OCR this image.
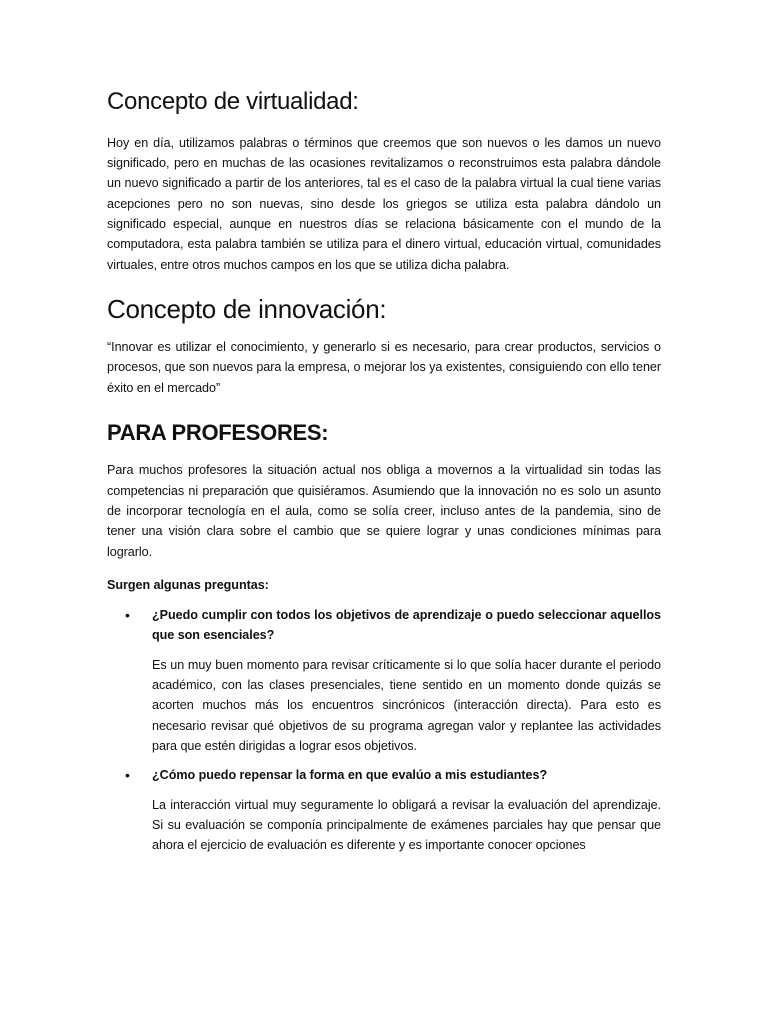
Concepto de virtualidad:

Hoy en día, utilizamos palabras o términos que creemos que son nuevos o les damos un nuevo significado, pero en muchas de las ocasiones revitalizamos o reconstruimos esta palabra dándole un nuevo significado a partir de los anteriores, tal es el caso de la palabra virtual la cual tiene varias acepciones pero no son nuevas, sino desde los griegos se utiliza esta palabra dándolo un significado especial, aunque en nuestros días se relaciona básicamente con el mundo de la computadora, esta palabra también se utiliza para el dinero virtual, educación virtual, comunidades virtuales, entre otros muchos campos en los que se utiliza dicha palabra.

Concepto de innovación:

“Innovar es utilizar el conocimiento, y generarlo si es necesario, para crear productos, servicios o procesos, que son nuevos para la empresa, o mejorar los ya existentes, consiguiendo con ello tener éxito en el mercado”

PARA PROFESORES:

Para muchos profesores la situación actual nos obliga a movernos a la virtualidad sin todas las competencias ni preparación que quisiéramos. Asumiendo que la innovación no es solo un asunto de incorporar tecnología en el aula, como se solía creer, incluso antes de la pandemia, sino de tener una visión clara sobre el cambio que se quiere lograr y unas condiciones mínimas para lograrlo.

Surgen algunas preguntas:

• ¿Puedo cumplir con todos los objetivos de aprendizaje o puedo seleccionar aquellos que son esenciales?

Es un muy buen momento para revisar críticamente si lo que solía hacer durante el periodo académico, con las clases presenciales, tiene sentido en un momento donde quizás se acorten muchos más los encuentros sincrónicos (interacción directa). Para esto es necesario revisar qué objetivos de su programa agregan valor y replantee las actividades para que estén dirigidas a lograr esos objetivos.

• ¿Cómo puedo repensar la forma en que evalúo a mis estudiantes?

La interacción virtual muy seguramente lo obligará a revisar la evaluación del aprendizaje. Si su evaluación se componía principalmente de exámenes parciales hay que pensar que ahora el ejercicio de evaluación es diferente y es importante conocer opciones
